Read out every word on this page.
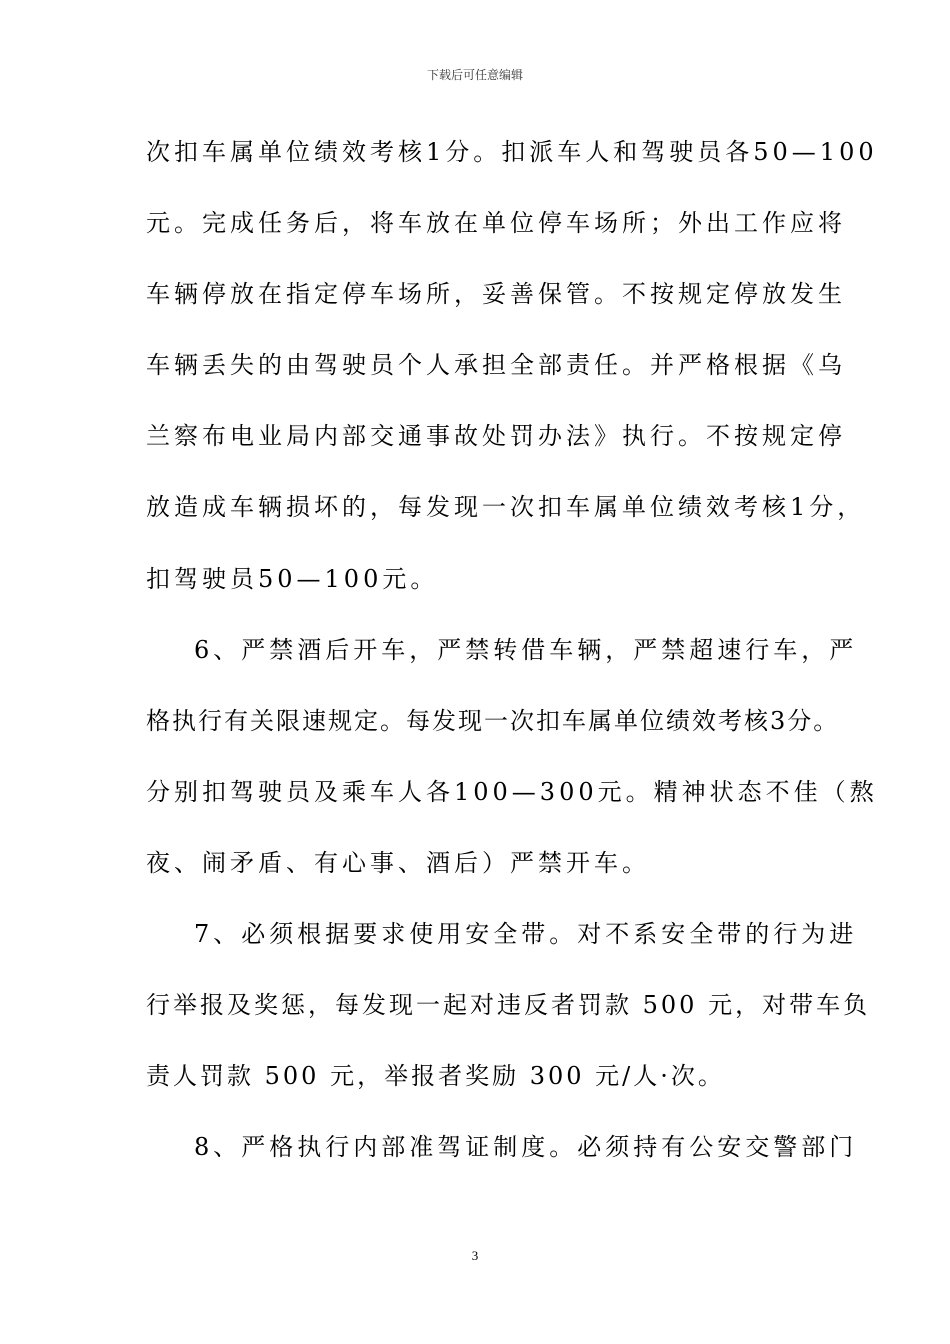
下载后可任意编辑
次扣车属单位绩效考核1分。扣派车人和驾驶员各50—100
元。完成任务后，将车放在单位停车场所；外出工作应将
车辆停放在指定停车场所，妥善保管。不按规定停放发生
车辆丢失的由驾驶员个人承担全部责任。并严格根据《乌
兰察布电业局内部交通事故处罚办法》执行。不按规定停
放造成车辆损坏的，每发现一次扣车属单位绩效考核1分，
扣驾驶员50—100元。
6、严禁酒后开车，严禁转借车辆，严禁超速行车，严
格执行有关限速规定。每发现一次扣车属单位绩效考核3分。
分别扣驾驶员及乘车人各100—300元。精神状态不佳（熬
夜、闹矛盾、有心事、酒后）严禁开车。
7、必须根据要求使用安全带。对不系安全带的行为进
行举报及奖惩，每发现一起对违反者罚款 500 元，对带车负
责人罚款 500 元，举报者奖励 300 元/人·次。
8、严格执行内部准驾证制度。必须持有公安交警部门
3
